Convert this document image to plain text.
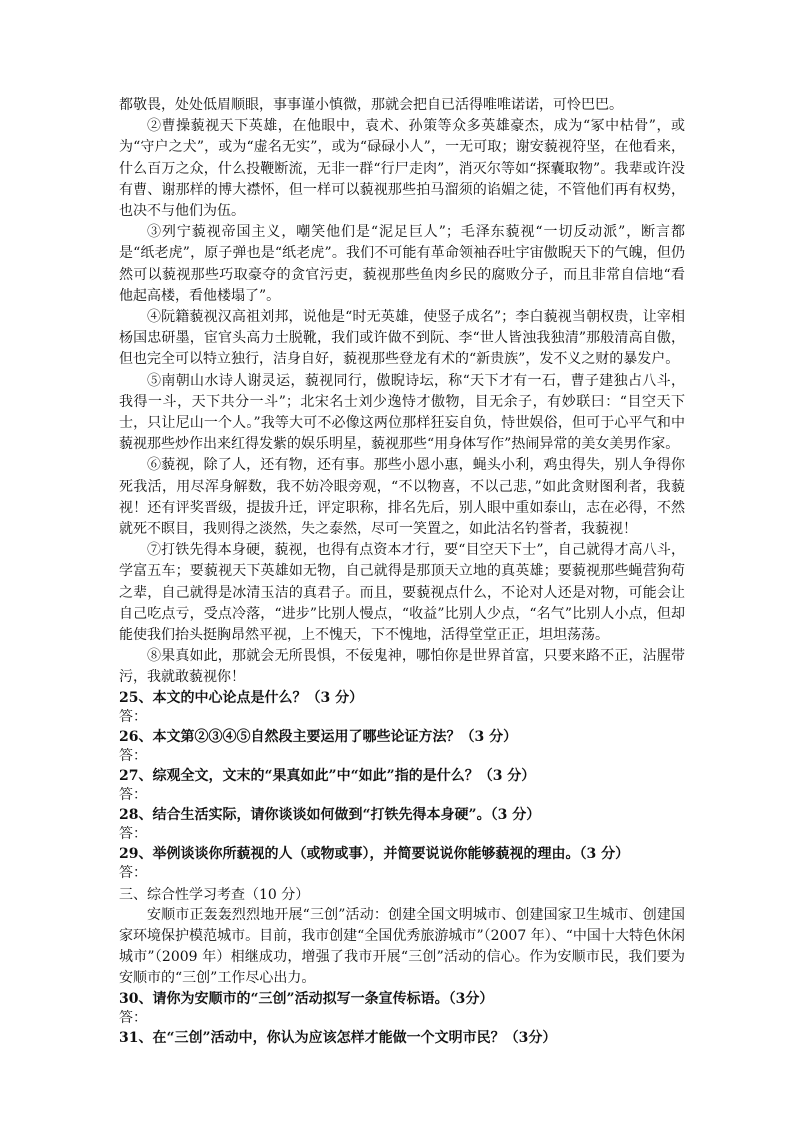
都敬畏，处处低眉顺眼，事事谨小慎微，那就会把自已活得唯唯诺诺，可怜巴巴。

②曹操藐视天下英雄，在他眼中，袁术、孙策等众多英雄豪杰，成为“冢中枯骨”，或为“守户之犬”，或为“虚名无实”，或为“碌碌小人”，一无可取；谢安藐视符坚，在他看来，什么百万之众，什么投鞭断流，无非一群“行尸走肉”，消灭尔等如“探囊取物”。我辈或许没有曹、谢那样的博大襟怀，但一样可以藐视那些拍马溜须的谄媚之徒，不管他们再有权势，也决不与他们为伍。

③列宁藐视帝国主义，嘲笑他们是“泥足巨人”；毛泽东藐视“一切反动派”，断言都是“纸老虎”，原子弹也是“纸老虎”。我们不可能有革命领袖吞吐宇宙傲睨天下的气魄，但仍然可以藐视那些巧取豪夺的贪官污吏，藐视那些鱼肉乡民的腐败分子，而且非常自信地“看他起高楼，看他楼塌了”。

④阮籍藐视汉高祖刘邦，说他是“时无英雄，使竖子成名”；李白藐视当朝权贵，让宰相杨国忠研墨，宦官头高力士脱靴，我们或许做不到阮、李“世人皆浊我独清”那般清高自傲，但也完全可以特立独行，洁身自好，藐视那些登龙有术的“新贵族”，发不义之财的暴发户。

⑤南朝山水诗人谢灵运，藐视同行，傲睨诗坛，称“天下才有一石，曹子建独占八斗，我得一斗，天下共分一斗”；北宋名士刘少逸恃才傲物，目无余子，有妙联曰：“目空天下士，只让尼山一个人。”我等大可不必像这两位那样狂妄自负，恃世娱俗，但可于心平气和中藐视那些炒作出来红得发紫的娱乐明星，藐视那些“用身体写作”热闹异常的美女美男作家。

⑥藐视，除了人，还有物，还有事。那些小恩小惠，蝇头小利，鸡虫得失，别人争得你死我活，用尽浑身解数，我不妨冷眼旁观，“不以物喜，不以己悲，”如此贪财图利者，我藐视！还有评奖晋级，提拔升迁，评定职称，排名先后，别人眼中重如泰山，志在必得，不然就死不瞑目，我则得之淡然，失之泰然，尽可一笑置之，如此沽名钓誉者，我藐视！

⑦打铁先得本身硬，藐视，也得有点资本才行，要“目空天下士”，自己就得才高八斗，学富五车；要藐视天下英雄如无物，自己就得是那顶天立地的真英雄；要藐视那些蝇营狗苟之辈，自己就得是冰清玉洁的真君子。而且，要藐视点什么，不论对人还是对物，可能会让自己吃点亏，受点冷落，“进步”比别人慢点，“收益”比别人少点，“名气”比别人小点，但却能使我们抬头挺胸昂然平视，上不愧天，下不愧地，活得堂堂正正，坦坦荡荡。

⑧果真如此，那就会无所畏惧，不佞鬼神，哪怕你是世界首富，只要来路不正，沾腥带污，我就敢藐视你！

25、本文的中心论点是什么？（3 分）

答：

26、本文第②③④⑤自然段主要运用了哪些论证方法？（3 分）

答：

27、综观全文，文末的“果真如此”中“如此”指的是什么？（3 分）

答：

28、结合生活实际，请你谈谈如何做到“打铁先得本身硬”。（3 分）

答：

29、举例谈谈你所藐视的人（或物或事），并简要说说你能够藐视的理由。（3 分）

答：

三、综合性学习考查（10 分）

安顺市正轰轰烈烈地开展“三创”活动：创建全国文明城市、创建国家卫生城市、创建国家环境保护模范城市。目前，我市创建“全国优秀旅游城市”（2007 年）、“中国十大特色休闲城市”（2009 年）相继成功，增强了我市开展“三创”活动的信心。作为安顺市民，我们要为安顺市的“三创”工作尽心出力。

30、请你为安顺市的“三创”活动拟写一条宣传标语。（3分）

答：

31、在“三创”活动中，你认为应该怎样才能做一个文明市民？（3分）
